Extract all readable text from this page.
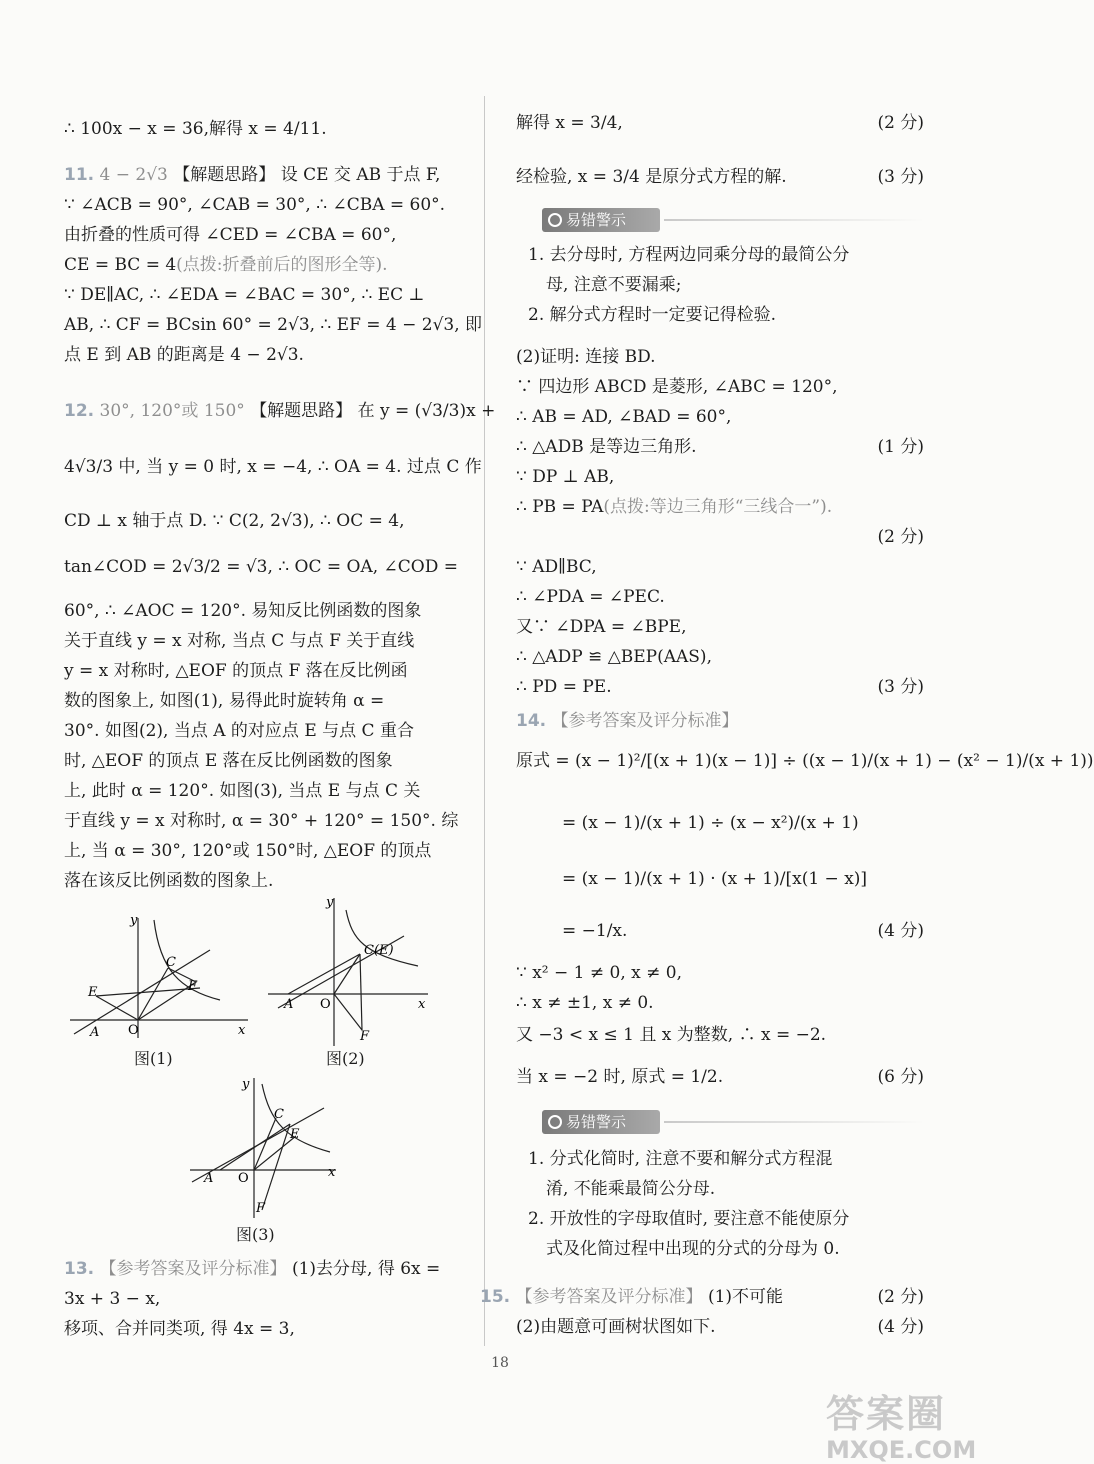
∴ 100x − x = 36,解得 x = 4/11.
11. 4 − 2√3 【解题思路】 设 CE 交 AB 于点 F,
∵ ∠ACB = 90°, ∠CAB = 30°, ∴ ∠CBA = 60°.
由折叠的性质可得 ∠CED = ∠CBA = 60°,
CE = BC = 4(点拨:折叠前后的图形全等).
∵ DE∥AC, ∴ ∠EDA = ∠BAC = 30°, ∴ EC ⊥
AB, ∴ CF = BCsin 60° = 2√3, ∴ EF = 4 − 2√3, 即
点 E 到 AB 的距离是 4 − 2√3.
12. 30°, 120°或 150° 【解题思路】 在 y = (√3/3)x +
4√3/3 中, 当 y = 0 时, x = −4, ∴ OA = 4. 过点 C 作
CD ⊥ x 轴于点 D. ∵ C(2, 2√3), ∴ OC = 4,
tan∠COD = 2√3/2 = √3, ∴ OC = OA, ∠COD =
60°, ∴ ∠AOC = 120°. 易知反比例函数的图象
关于直线 y = x 对称, 当点 C 与点 F 关于直线
y = x 对称时, △EOF 的顶点 F 落在反比例函
数的图象上, 如图(1), 易得此时旋转角 α =
30°. 如图(2), 当点 A 的对应点 E 与点 C 重合
时, △EOF 的顶点 E 落在反比例函数的图象
上, 此时 α = 120°. 如图(3), 当点 E 与点 C 关
于直线 y = x 对称时, α = 30° + 120° = 150°. 综
上, 当 α = 30°, 120°或 150°时, △EOF 的顶点
落在该反比例函数的图象上.
13. 【参考答案及评分标准】 (1)去分母, 得 6x =
3x + 3 − x,
移项、合并同类项, 得 4x = 3,
y
x
O
A
E
C
F
图(1)
y
x
O
A
C(E)
F
图(2)
y
x
O
A
C
E
F
图(3)
解得 x = 3/4,	(2 分)
经检验, x = 3/4 是原分式方程的解.	(3 分)
易错警示
1. 去分母时, 方程两边同乘分母的最简公分
母, 注意不要漏乘;
2. 解分式方程时一定要记得检验.
(2)证明: 连接 BD.
∵ 四边形 ABCD 是菱形, ∠ABC = 120°,
∴ AB = AD, ∠BAD = 60°,
∴ △ADB 是等边三角形.	(1 分)
∵ DP ⊥ AB,
∴ PB = PA(点拨:等边三角形“三线合一”).
(2 分)
∵ AD∥BC,
∴ ∠PDA = ∠PEC.
又∵ ∠DPA = ∠BPE,
∴ △ADP ≌ △BEP(AAS),
∴ PD = PE.	(3 分)
14. 【参考答案及评分标准】
原式 = (x − 1)²/[(x + 1)(x − 1)] ÷ ((x − 1)/(x + 1) − (x² − 1)/(x + 1))
= (x − 1)/(x + 1) ÷ (x − x²)/(x + 1)
= (x − 1)/(x + 1) · (x + 1)/[x(1 − x)]
= −1/x.	(4 分)
∵ x² − 1 ≠ 0, x ≠ 0,
∴ x ≠ ±1, x ≠ 0.
又 −3 < x ≤ 1 且 x 为整数, ∴ x = −2.
当 x = −2 时, 原式 = 1/2.	(6 分)
易错警示
1. 分式化简时, 注意不要和解分式方程混
淆, 不能乘最简公分母.
2. 开放性的字母取值时, 要注意不能使原分
式及化简过程中出现的分式的分母为 0.
15. 【参考答案及评分标准】 (1)不可能	(2 分)
(2)由题意可画树状图如下.	(4 分)
18
答案圈
MXQE.COM
